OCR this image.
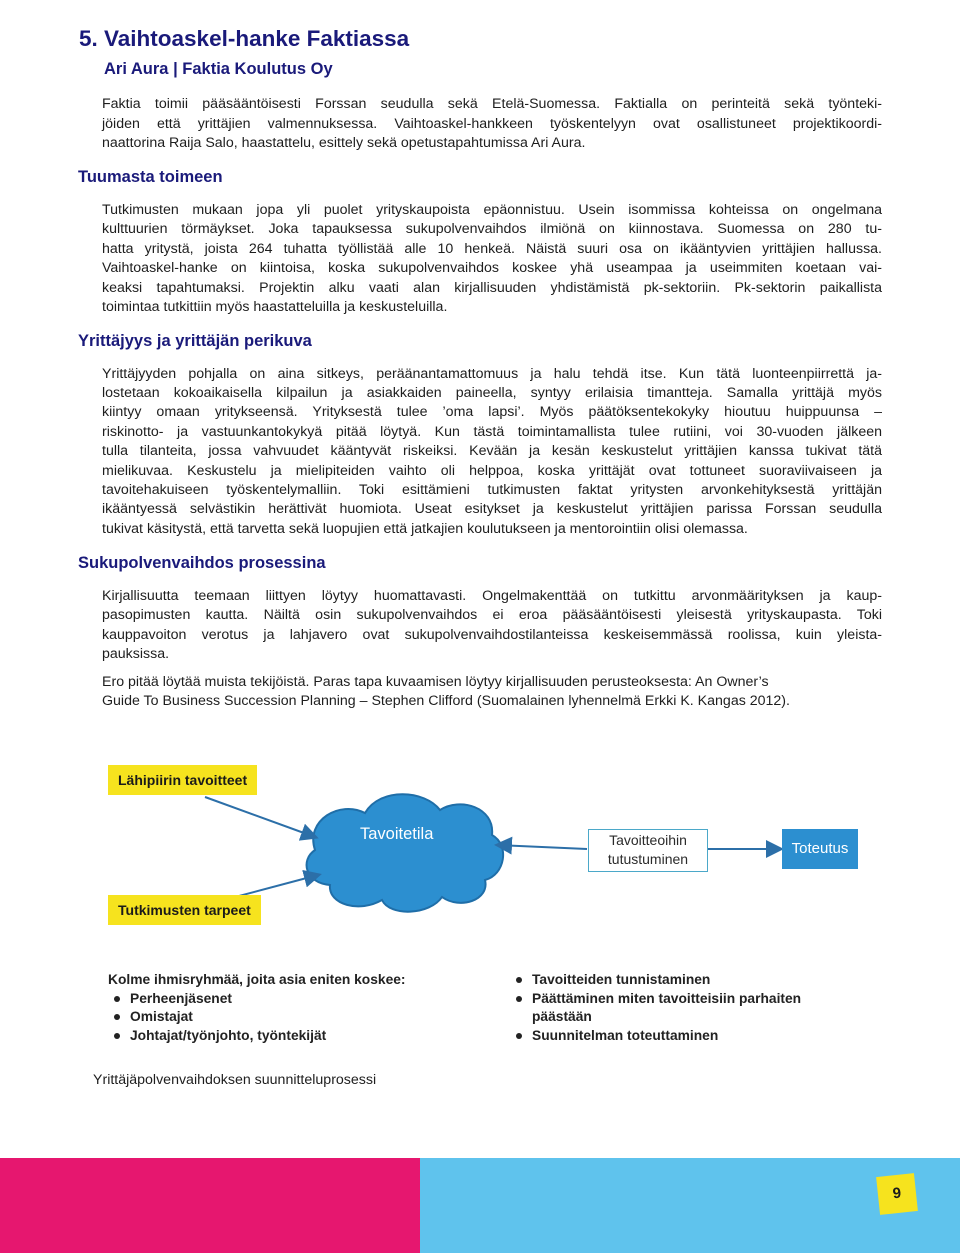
5. Vaihtoaskel-hanke Faktiassa
Ari Aura | Faktia Koulutus Oy
Faktia toimii pääsääntöisesti Forssan seudulla sekä Etelä-Suomessa. Faktialla on perinteitä sekä työnteki-
jöiden että yrittäjien valmennuksessa. Vaihtoaskel-hankkeen työskentelyyn ovat osallistuneet projektikoordi-
naattorina Raija Salo, haastattelu, esittely sekä opetustapahtumissa Ari Aura.
Tuumasta toimeen
Tutkimusten mukaan jopa yli puolet yrityskaupoista epäonnistuu. Usein isommissa kohteissa on ongelmana
kulttuurien törmäykset. Joka tapauksessa sukupolvenvaihdos ilmiönä on kiinnostava. Suomessa on 280 tu-
hatta yritystä, joista 264 tuhatta työllistää alle 10 henkeä. Näistä suuri osa on ikääntyvien yrittäjien hallussa.
Vaihtoaskel-hanke on kiintoisa, koska sukupolvenvaihdos koskee yhä useampaa ja useimmiten koetaan vai-
keaksi tapahtumaksi. Projektin alku vaati alan kirjallisuuden yhdistämistä pk-sektoriin. Pk-sektorin paikallista
toimintaa tutkittiin myös haastatteluilla ja keskusteluilla.
Yrittäjyys ja yrittäjän perikuva
Yrittäjyyden pohjalla on aina sitkeys, peräänantamattomuus ja halu tehdä itse. Kun tätä luonteenpiirrettä ja-
lostetaan kokoaikaisella kilpailun ja asiakkaiden paineella, syntyy erilaisia timantteja. Samalla yrittäjä myös
kiintyy omaan yritykseensä. Yrityksestä tulee ’oma lapsi’. Myös päätöksentekokyky hioutuu huippuunsa –
riskinotto- ja vastuunkantokykyä pitää löytyä. Kun tästä toimintamallista tulee rutiini, voi 30-vuoden jälkeen
tulla tilanteita, jossa vahvuudet kääntyvät riskeiksi. Kevään ja kesän keskustelut yrittäjien kanssa tukivat tätä
mielikuvaa. Keskustelu ja mielipiteiden vaihto oli helppoa, koska yrittäjät ovat tottuneet suoraviivaiseen ja
tavoitehakuiseen työskentelymalliin. Toki esittämieni tutkimusten faktat yritysten arvonkehityksestä yrittäjän
ikääntyessä selvästikin herättivät huomiota. Useat esitykset ja keskustelut yrittäjien parissa Forssan seudulla
tukivat käsitystä, että tarvetta sekä luopujien että jatkajien koulutukseen ja mentorointiin olisi olemassa.
Sukupolvenvaihdos prosessina
Kirjallisuutta teemaan liittyen löytyy huomattavasti. Ongelmakenttää on tutkittu arvonmäärityksen ja kaup-
pasopimusten kautta. Näiltä osin sukupolvenvaihdos ei eroa pääsääntöisesti yleisestä yrityskaupasta. Toki
kauppavoiton verotus ja lahjavero ovat sukupolvenvaihdostilanteissa keskeisemmässä roolissa, kuin yleista-
pauksissa.
Ero pitää löytää muista tekijöistä. Paras tapa kuvaamisen löytyy kirjallisuuden perusteoksesta: An Owner’s
Guide To Business Succession Planning – Stephen Clifford (Suomalainen lyhennelmä Erkki K. Kangas 2012).
Lähipiirin tavoitteet
Tavoitetila	Tavoitteoihin
tutustuminen
Toteutus
Tutkimusten tarpeet
Kolme ihmisryhmää, joita asia eniten koskee:
Perheenjäsenet
Omistajat
Johtajat/työnjohto, työntekijät
Tavoitteiden tunnistaminen
Päättäminen miten tavoitteisiin parhaiten päästään
Suunnitelman toteuttaminen
Yrittäjäpolvenvaihdoksen suunnitteluprosessi
9
